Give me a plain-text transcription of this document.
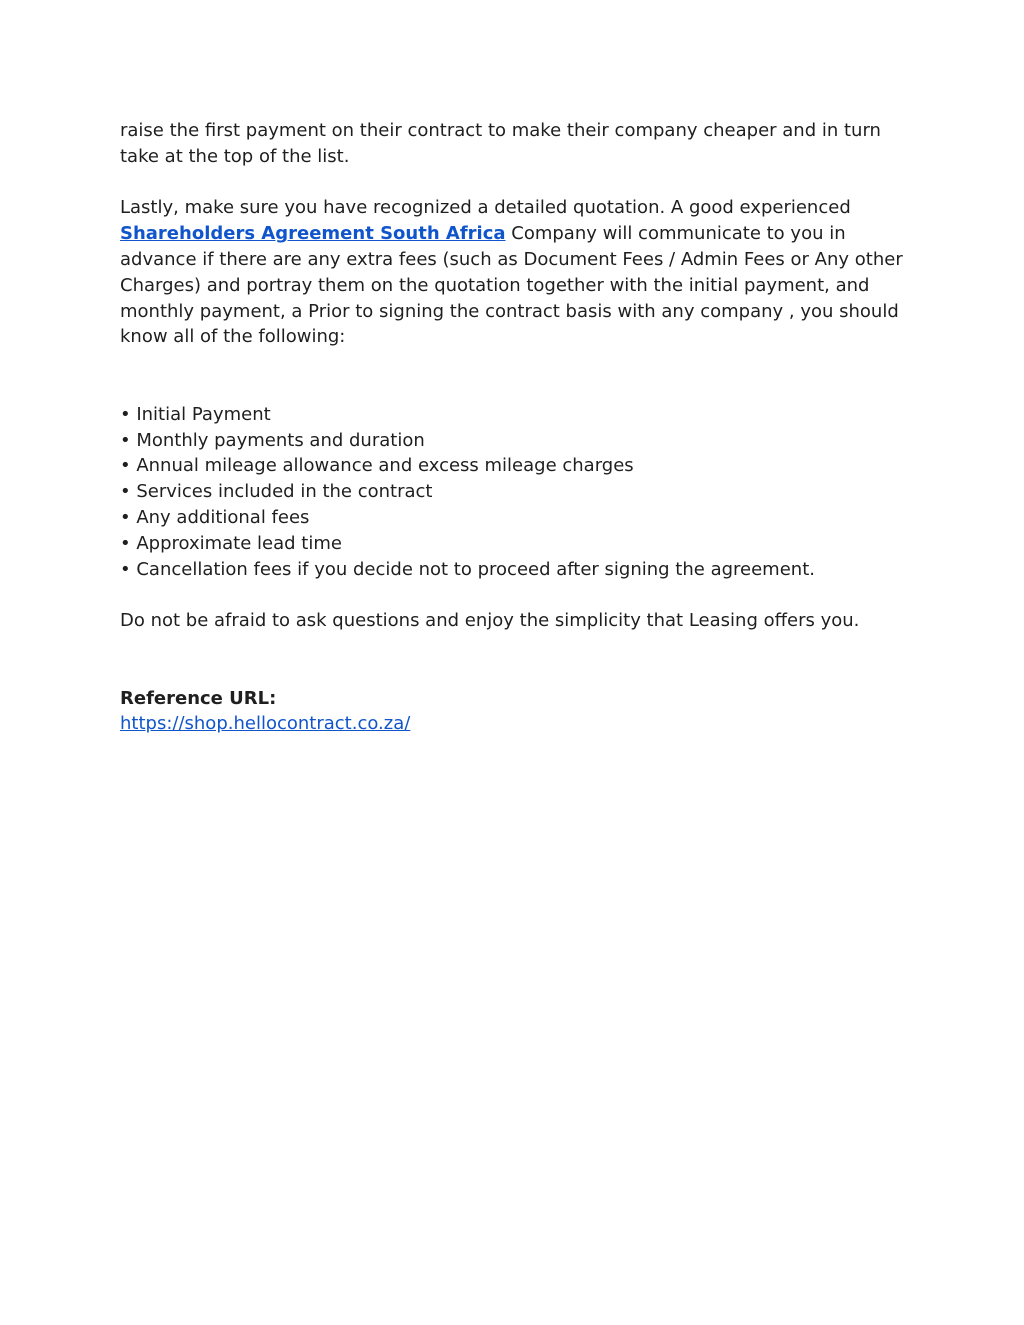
raise the first payment on their contract to make their company cheaper and in turn take at the top of the list.

Lastly, make sure you have recognized a detailed quotation. A good experienced Shareholders Agreement South Africa Company will communicate to you in advance if there are any extra fees (such as Document Fees / Admin Fees or Any other Charges) and portray them on the quotation together with the initial payment, and monthly payment, a Prior to signing the contract basis with any company , you should know all of the following:

• Initial Payment
• Monthly payments and duration
• Annual mileage allowance and excess mileage charges
• Services included in the contract
• Any additional fees
• Approximate lead time
• Cancellation fees if you decide not to proceed after signing the agreement.

Do not be afraid to ask questions and enjoy the simplicity that Leasing offers you.

Reference URL:

https://shop.hellocontract.co.za/
